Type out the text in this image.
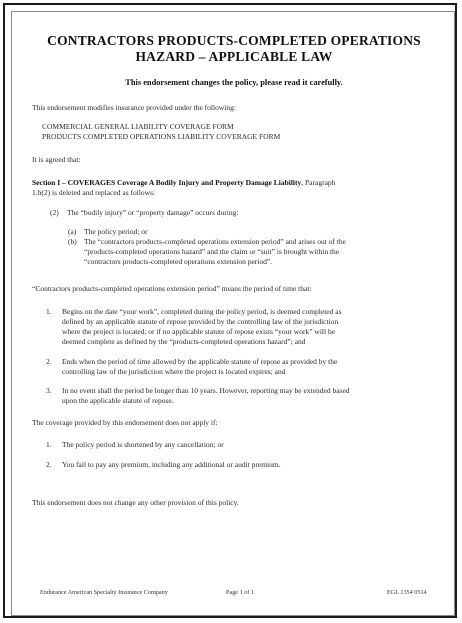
CONTRACTORS PRODUCTS-COMPLETED OPERATIONS
HAZARD – APPLICABLE LAW
This endorsement changes the policy, please read it carefully.
This endorsement modifies insurance provided under the following:
COMMERCIAL GENERAL LIABILITY COVERAGE FORM
PRODUCTS COMPLETED OPERATIONS LIABILITY COVERAGE FORM
It is agreed that:
Section I – COVERAGES Coverage A Bodily Injury and Property Damage Liability, Paragraph
1.b(2) is deleted and replaced as follows:
(2) The “bodily injury” or “property damage” occurs during:
(a) The policy period; or
(b) The “contractors products-completed operations extension period” and arises out of the
“products-completed operations hazard” and the claim or “suit” is brought within the
“contractors products-completed operations extension period”.
“Contractors products-completed operations extension period” means the period of time that:
1. Begins on the date “your work”, completed during the policy period, is deemed completed as
defined by an applicable statute of repose provided by the controlling law of the jurisdiction
where the project is located, or if no applicable statute of repose exists “your work” will be
deemed complete as defined by the “products-completed operations hazard”; and
2. Ends when the period of time allowed by the applicable statute of repose as provided by the
controlling law of the jurisdiction where the project is located expires; and
3. In no event shall the period be longer than 10 years. However, reporting may be extended based
upon the applicable statute of repose.
The coverage provided by this endorsement does not apply if:
1. The policy period is shortened by any cancellation; or
2. You fail to pay any premium, including any additional or audit premium.
This endorsement does not change any other provision of this policy.
Endurance American Specialty Insurance Company	Page 1 of 1	EGL 1354 0514
